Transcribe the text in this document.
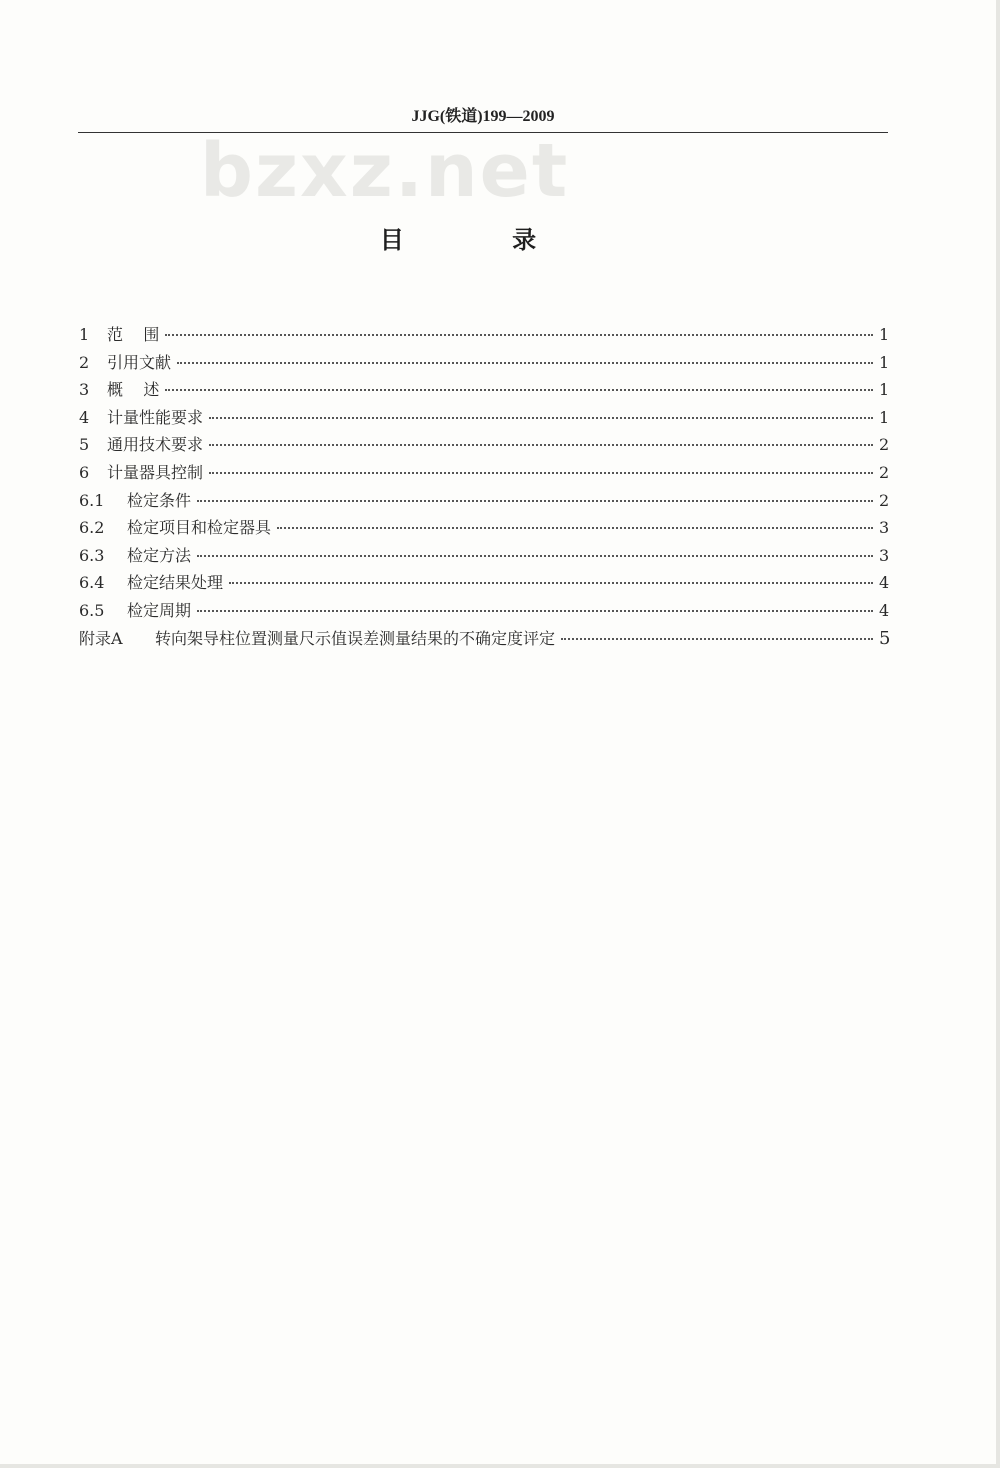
JJG(铁道)199—2009
bzxz.net
目 录
1	范    围	1
2	引用文献	1
3	概    述	1
4	计量性能要求	1
5	通用技术要求	2
6	计量器具控制	2
6.1	检定条件	2
6.2	检定项目和检定器具	3
6.3	检定方法	3
6.4	检定结果处理	4
6.5	检定周期	4
附录A	转向架导柱位置测量尺示值误差测量结果的不确定度评定	5
